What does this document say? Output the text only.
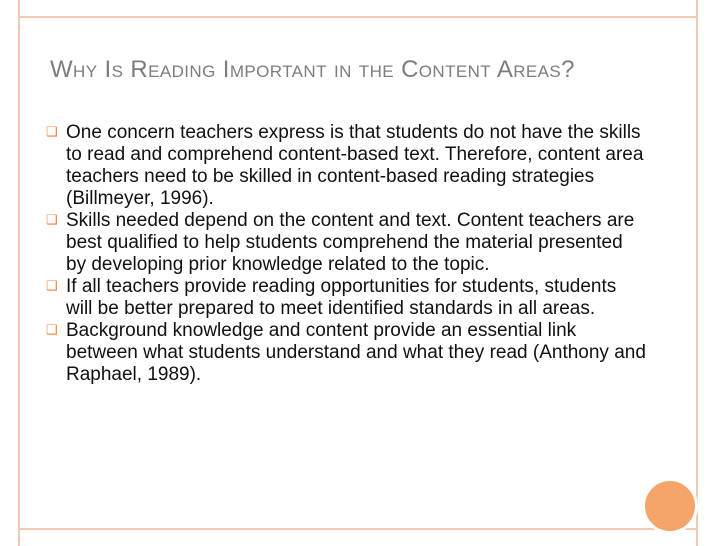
Why Is Reading Important in the Content Areas?
❑ One concern teachers express is that students do not have the skills to read and comprehend content-based text. Therefore, content area teachers need to be skilled in content-based reading strategies (Billmeyer, 1996).
❑ Skills needed depend on the content and text. Content teachers are best qualified to help students comprehend the material presented by developing prior knowledge related to the topic.
❑ If all teachers provide reading opportunities for students, students will be better prepared to meet identified standards in all areas.
❑ Background knowledge and content provide an essential link between what students understand and what they read (Anthony and Raphael, 1989).
